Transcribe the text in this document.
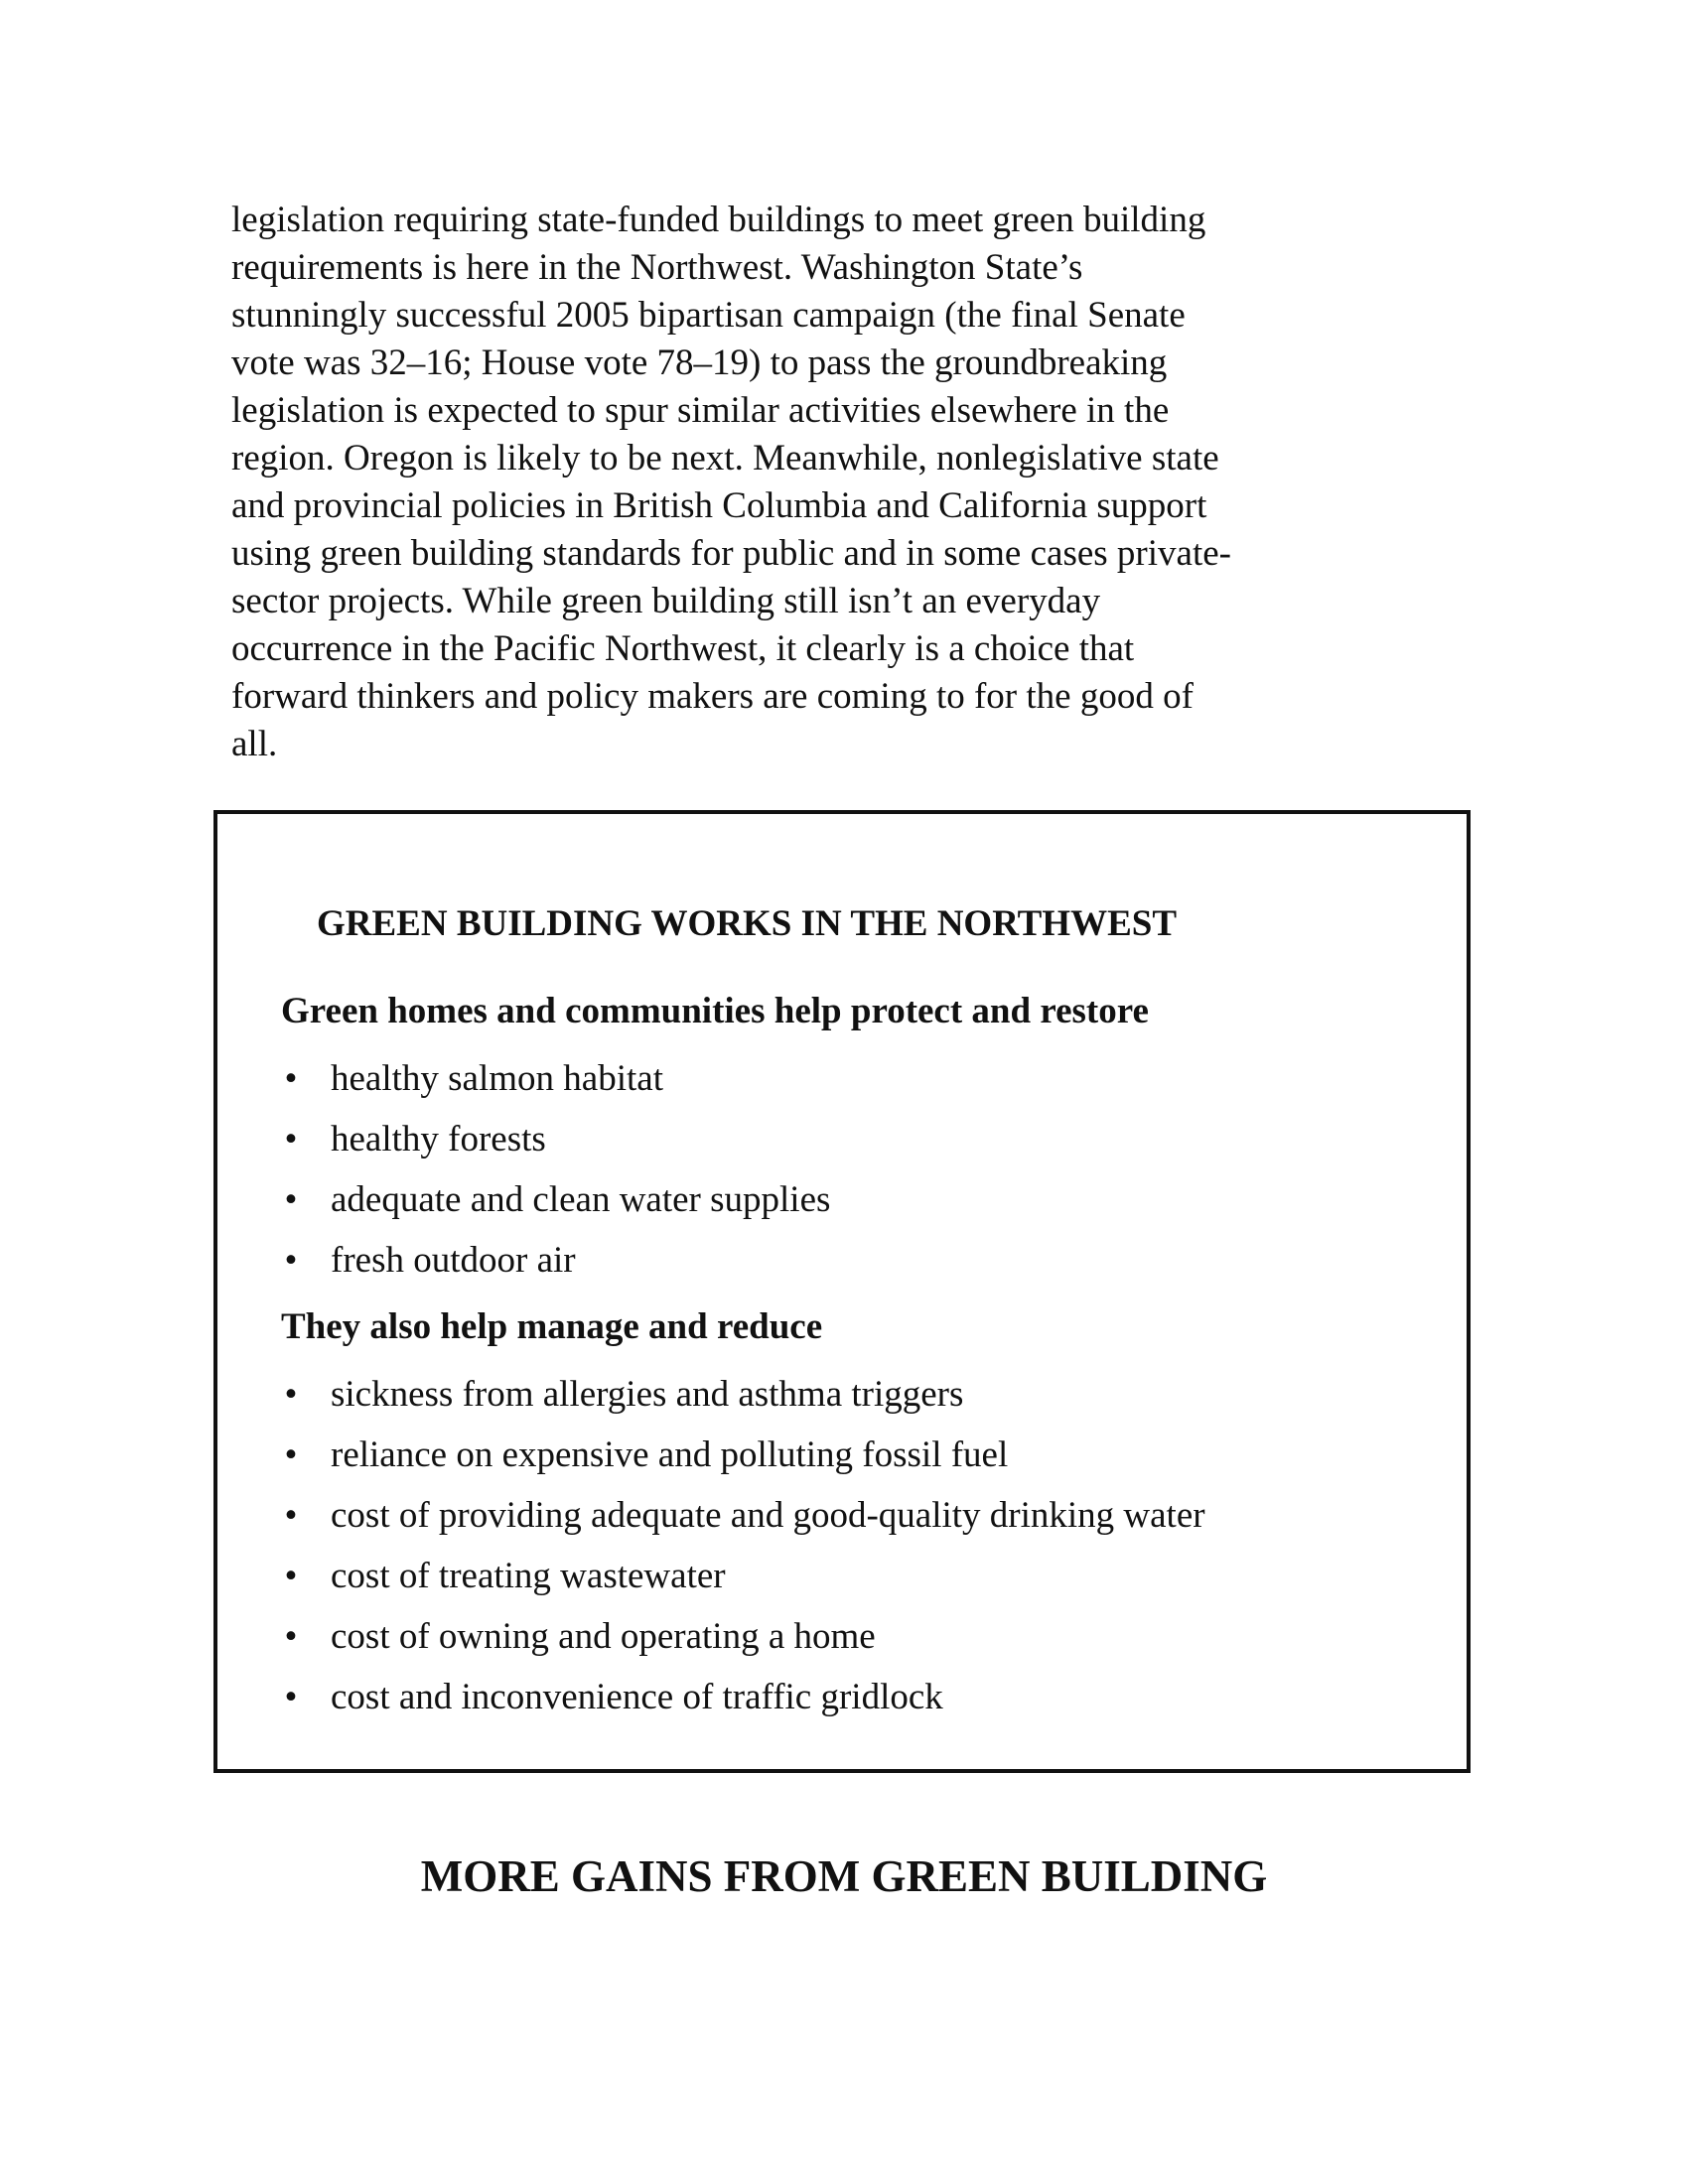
legislation requiring state-funded buildings to meet green building
requirements is here in the Northwest. Washington State’s
stunningly successful 2005 bipartisan campaign (the final Senate
vote was 32–16; House vote 78–19) to pass the groundbreaking
legislation is expected to spur similar activities elsewhere in the
region. Oregon is likely to be next. Meanwhile, nonlegislative state
and provincial policies in British Columbia and California support
using green building standards for public and in some cases private-
sector projects. While green building still isn’t an everyday
occurrence in the Pacific Northwest, it clearly is a choice that
forward thinkers and policy makers are coming to for the good of
all.

GREEN BUILDING WORKS IN THE NORTHWEST
Green homes and communities help protect and restore
• healthy salmon habitat
• healthy forests
• adequate and clean water supplies
• fresh outdoor air
They also help manage and reduce
• sickness from allergies and asthma triggers
• reliance on expensive and polluting fossil fuel
• cost of providing adequate and good-quality drinking water
• cost of treating wastewater
• cost of owning and operating a home
• cost and inconvenience of traffic gridlock
MORE GAINS FROM GREEN BUILDING
